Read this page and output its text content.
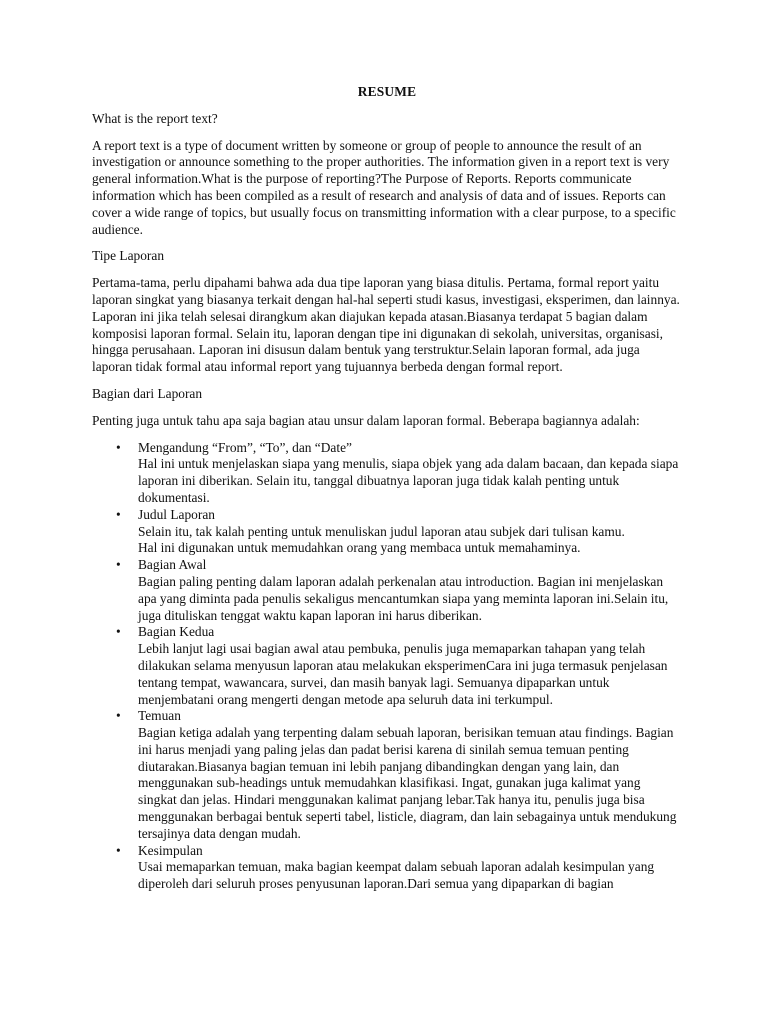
RESUME

What is the report text?

A report text is a type of document written by someone or group of people to announce the result of an investigation or announce something to the proper authorities. The information given in a report text is very general information.What is the purpose of reporting?The Purpose of Reports. Reports communicate information which has been compiled as a result of research and analysis of data and of issues. Reports can cover a wide range of topics, but usually focus on transmitting information with a clear purpose, to a specific audience.

Tipe Laporan

Pertama-tama, perlu dipahami bahwa ada dua tipe laporan yang biasa ditulis. Pertama, formal report yaitu laporan singkat yang biasanya terkait dengan hal-hal seperti studi kasus, investigasi, eksperimen, dan lainnya. Laporan ini jika telah selesai dirangkum akan diajukan kepada atasan.Biasanya terdapat 5 bagian dalam komposisi laporan formal. Selain itu, laporan dengan tipe ini digunakan di sekolah, universitas, organisasi, hingga perusahaan. Laporan ini disusun dalam bentuk yang terstruktur.Selain laporan formal, ada juga laporan tidak formal atau informal report yang tujuannya berbeda dengan formal report.

Bagian dari Laporan

Penting juga untuk tahu apa saja bagian atau unsur dalam laporan formal. Beberapa bagiannya adalah:

• Mengandung “From”, “To”, dan “Date”
Hal ini untuk menjelaskan siapa yang menulis, siapa objek yang ada dalam bacaan, dan kepada siapa laporan ini diberikan. Selain itu, tanggal dibuatnya laporan juga tidak kalah penting untuk dokumentasi.
• Judul Laporan
Selain itu, tak kalah penting untuk menuliskan judul laporan atau subjek dari tulisan kamu.
Hal ini digunakan untuk memudahkan orang yang membaca untuk memahaminya.
• Bagian Awal
Bagian paling penting dalam laporan adalah perkenalan atau introduction. Bagian ini menjelaskan apa yang diminta pada penulis sekaligus mencantumkan siapa yang meminta laporan ini.Selain itu, juga dituliskan tenggat waktu kapan laporan ini harus diberikan.
• Bagian Kedua
Lebih lanjut lagi usai bagian awal atau pembuka, penulis juga memaparkan tahapan yang telah dilakukan selama menyusun laporan atau melakukan eksperimenCara ini juga termasuk penjelasan tentang tempat, wawancara, survei, dan masih banyak lagi. Semuanya dipaparkan untuk menjembatani orang mengerti dengan metode apa seluruh data ini terkumpul.
• Temuan
Bagian ketiga adalah yang terpenting dalam sebuah laporan, berisikan temuan atau findings. Bagian ini harus menjadi yang paling jelas dan padat berisi karena di sinilah semua temuan penting diutarakan.Biasanya bagian temuan ini lebih panjang dibandingkan dengan yang lain, dan menggunakan sub-headings untuk memudahkan klasifikasi. Ingat, gunakan juga kalimat yang singkat dan jelas. Hindari menggunakan kalimat panjang lebar.Tak hanya itu, penulis juga bisa menggunakan berbagai bentuk seperti tabel, listicle, diagram, dan lain sebagainya untuk mendukung tersajinya data dengan mudah.
• Kesimpulan
Usai memaparkan temuan, maka bagian keempat dalam sebuah laporan adalah kesimpulan yang diperoleh dari seluruh proses penyusunan laporan.Dari semua yang dipaparkan di bagian
